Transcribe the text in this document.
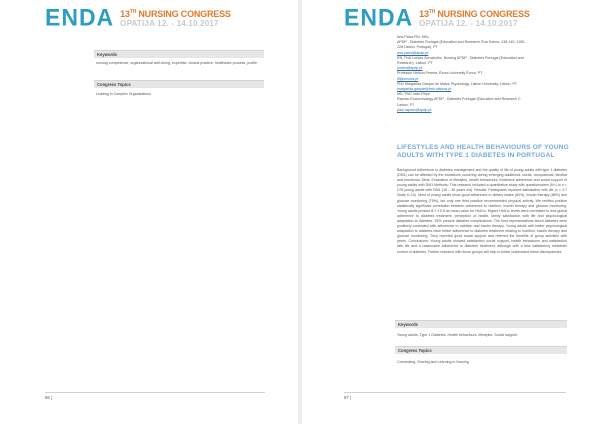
ENDA 13TH NURSING CONGRESS
OPATIJA 12. - 14.10.2017
Keywords
nursing competence, organizational well-being, expertise, clinical practice, healthcare process, profile
Congress Topics
Leading in Complex Organisations
56 |
ENDA 13TH NURSING CONGRESS
OPATIJA 12. - 14.10.2017
Ana Paiva RN, MSc
APDP - Diabetes Portugal (Education and Research Rua Sotero, 138-140, 1150-
228 Lisbon, Portugal), PT
ana.paiva@apdp.pt
RN, PhD Lurdes Serrabulho, Nursing APDP - Diabetes Portugal (Education and
Research), Lisbon, PT
lurdes@apdp.pt
Professor Nelson Pereira, Évora University Évora, PT
ilf@uevora.pt
PhD Margarida Gaspar de Matos Psychology, Lisbon University, Lisbon, PT
margarida.gaspar@fmh.ulisboa.pt
MD, PhD João Filipe
Raposo Endocrinology APDP - Diabetes Portugal (Education and Research C
Lisbon, PT
joao.raposo@apdp.pt
LIFESTYLES AND HEALTH BEHAVIOURS OF YOUNG ADULTS WITH TYPE 1 DIABETES IN PORTUGAL
Background Adherence to diabetes management and the quality of life of young adults with type 1 diabetes (DM1) can be affected by the transitions occurring during emerging adulthood: social, occupational, familiar and emotional. Aims: Evaluation of lifestyles, health behaviours, treatment adherence and social support of young adults with DM1 Methods: This research included a quantitative study with questionnaires (N=) to n = 278 young adults with DM1 (18 – 35 years old). Results: Participants reported satisfaction with life (x = 3.7 Scale 0–10). Most of young adults show good adherence to dietary intake (80%), insulin therapy (86%) and glucose monitoring (75%), but only one third practice recommended physical activity. We verified positive statistically significant correlation between adherence to nutrition, insulin therapy and glucose monitoring. Young adults present 8.7 ± 0.5 as mean value for HbA1c. Higher HbA1c levels were correlated to less global adherence to diabetes treatment, perception of health, family satisfaction with life and psychological adaptation to diabetes. 33% present diabetes complications. The best representations about diabetes were positively correlated with adherence to nutrition and insulin therapy. Young adults with better psychological adaptation to diabetes have better adherence to diabetes treatment relating to nutrition, insulin therapy and glucose monitoring. They reported good social support and referred the benefits of group activities with peers. Conclusions: Young adults showed satisfaction social support, health behaviours and satisfaction with life and a reasonable adherence to diabetes treatment, although with a less satisfactory metabolic control of diabetes. Further research with focus groups will help to better understand these discrepancies
Keywords
Young adults, Type 1 Diabetes, Health behaviours, lifestyles, Social support
Congress Topics
Connecting, Sharing and Learning in Nursing
57 |
